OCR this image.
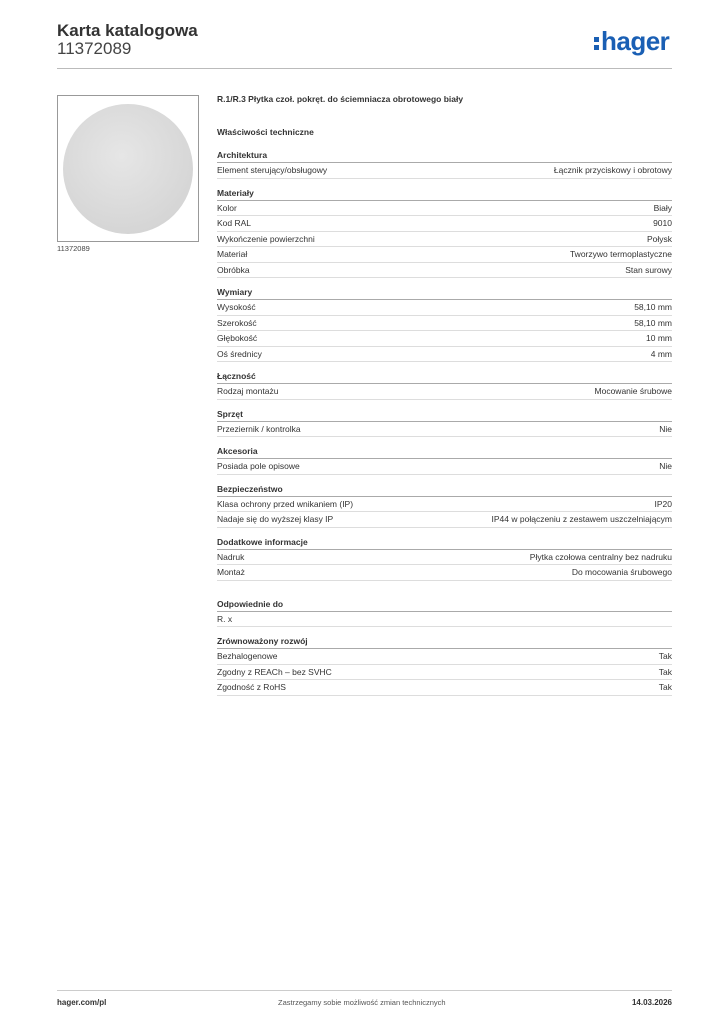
Karta katalogowa
11372089	hager
11372089
R.1/R.3 Płytka czoł. pokręt. do ściemniacza obrotowego biały
Właściwości techniczne
Architektura
Element sterujący/obsługowy	Łącznik przyciskowy i obrotowy
Materiały
Kolor	Biały
Kod RAL	9010
Wykończenie powierzchni	Połysk
Materiał	Tworzywo termoplastyczne
Obróbka	Stan surowy
Wymiary
Wysokość	58,10 mm
Szerokość	58,10 mm
Głębokość	10 mm
Oś średnicy	4 mm
Łączność
Rodzaj montażu	Mocowanie śrubowe
Sprzęt
Przeziernik / kontrolka	Nie
Akcesoria
Posiada pole opisowe	Nie
Bezpieczeństwo
Klasa ochrony przed wnikaniem (IP)	IP20
Nadaje się do wyższej klasy IP	IP44 w połączeniu z zestawem uszczelniającym
Dodatkowe informacje
Nadruk	Płytka czołowa centralny bez nadruku
Montaż	Do mocowania śrubowego
Odpowiednie do
R. x
Zrównoważony rozwój
Bezhalogenowe	Tak
Zgodny z REACh – bez SVHC	Tak
Zgodność z RoHS	Tak
hager.com/pl	Zastrzegamy sobie możliwość zmian technicznych	14.03.2026
